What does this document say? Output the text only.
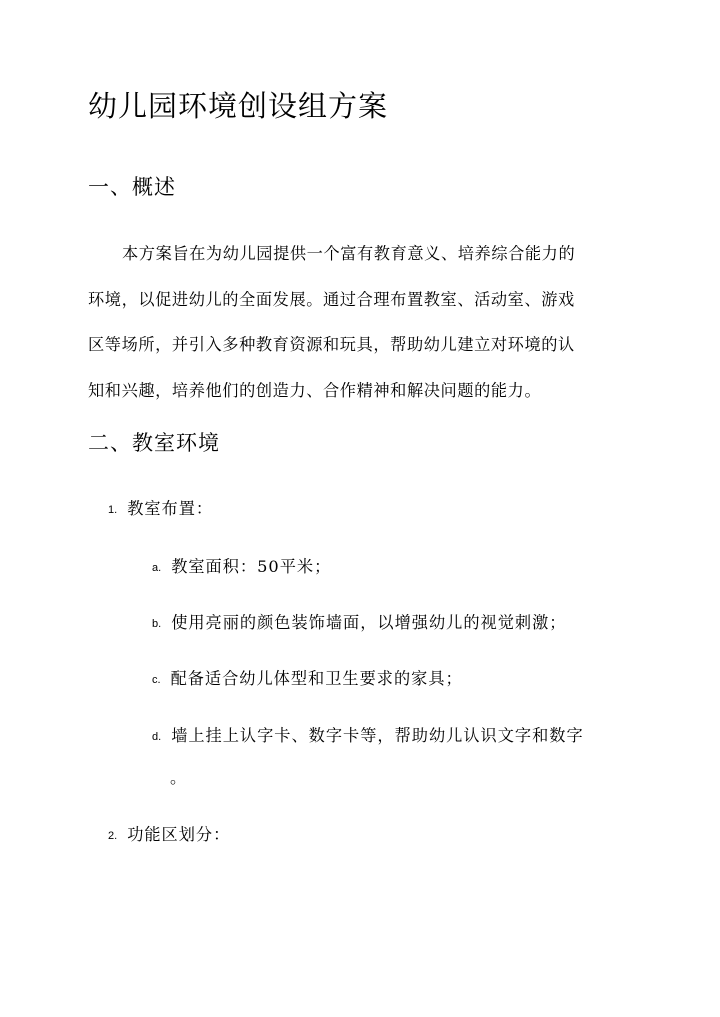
幼儿园环境创设组方案
一、概述
本方案旨在为幼儿园提供一个富有教育意义、培养综合能力的
环境，以促进幼儿的全面发展。通过合理布置教室、活动室、游戏
区等场所，并引入多种教育资源和玩具，帮助幼儿建立对环境的认
知和兴趣，培养他们的创造力、合作精神和解决问题的能力。
二、教室环境
1. 教室布置：
a. 教室面积：50平米；
b. 使用亮丽的颜色装饰墙面，以增强幼儿的视觉刺激；
c. 配备适合幼儿体型和卫生要求的家具；
d. 墙上挂上认字卡、数字卡等，帮助幼儿认识文字和数字
。
2. 功能区划分：
